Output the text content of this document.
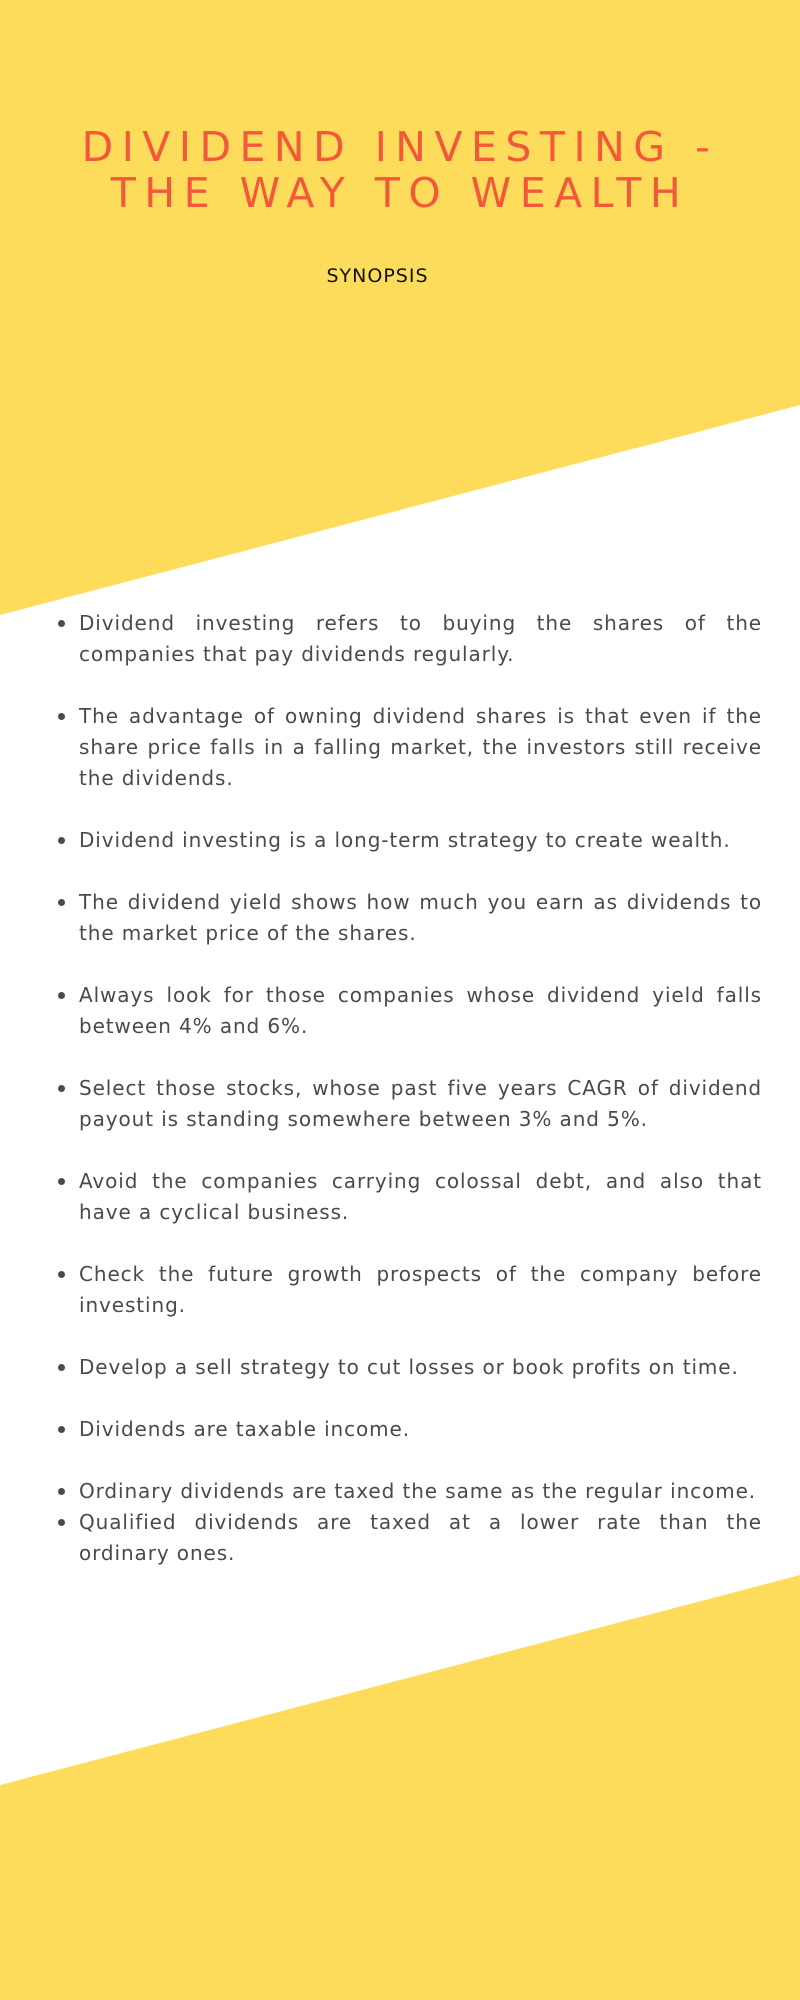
DIVIDEND INVESTING -
THE WAY TO WEALTH
SYNOPSIS
Dividend investing refers to buying the shares of the companies that pay dividends regularly.
The advantage of owning dividend shares is that even if the share price falls in a falling market, the investors still receive the dividends.
Dividend investing is a long-term strategy to create wealth.
The dividend yield shows how much you earn as dividends to the market price of the shares.
Always look for those companies whose dividend yield falls between 4% and 6%.
Select those stocks, whose past five years CAGR of dividend payout is standing somewhere between 3% and 5%.
Avoid the companies carrying colossal debt, and also that have a cyclical business.
Check the future growth prospects of the company before investing.
Develop a sell strategy to cut losses or book profits on time.
Dividends are taxable income.
Ordinary dividends are taxed the same as the regular income.
Qualified dividends are taxed at a lower rate than the ordinary ones.
